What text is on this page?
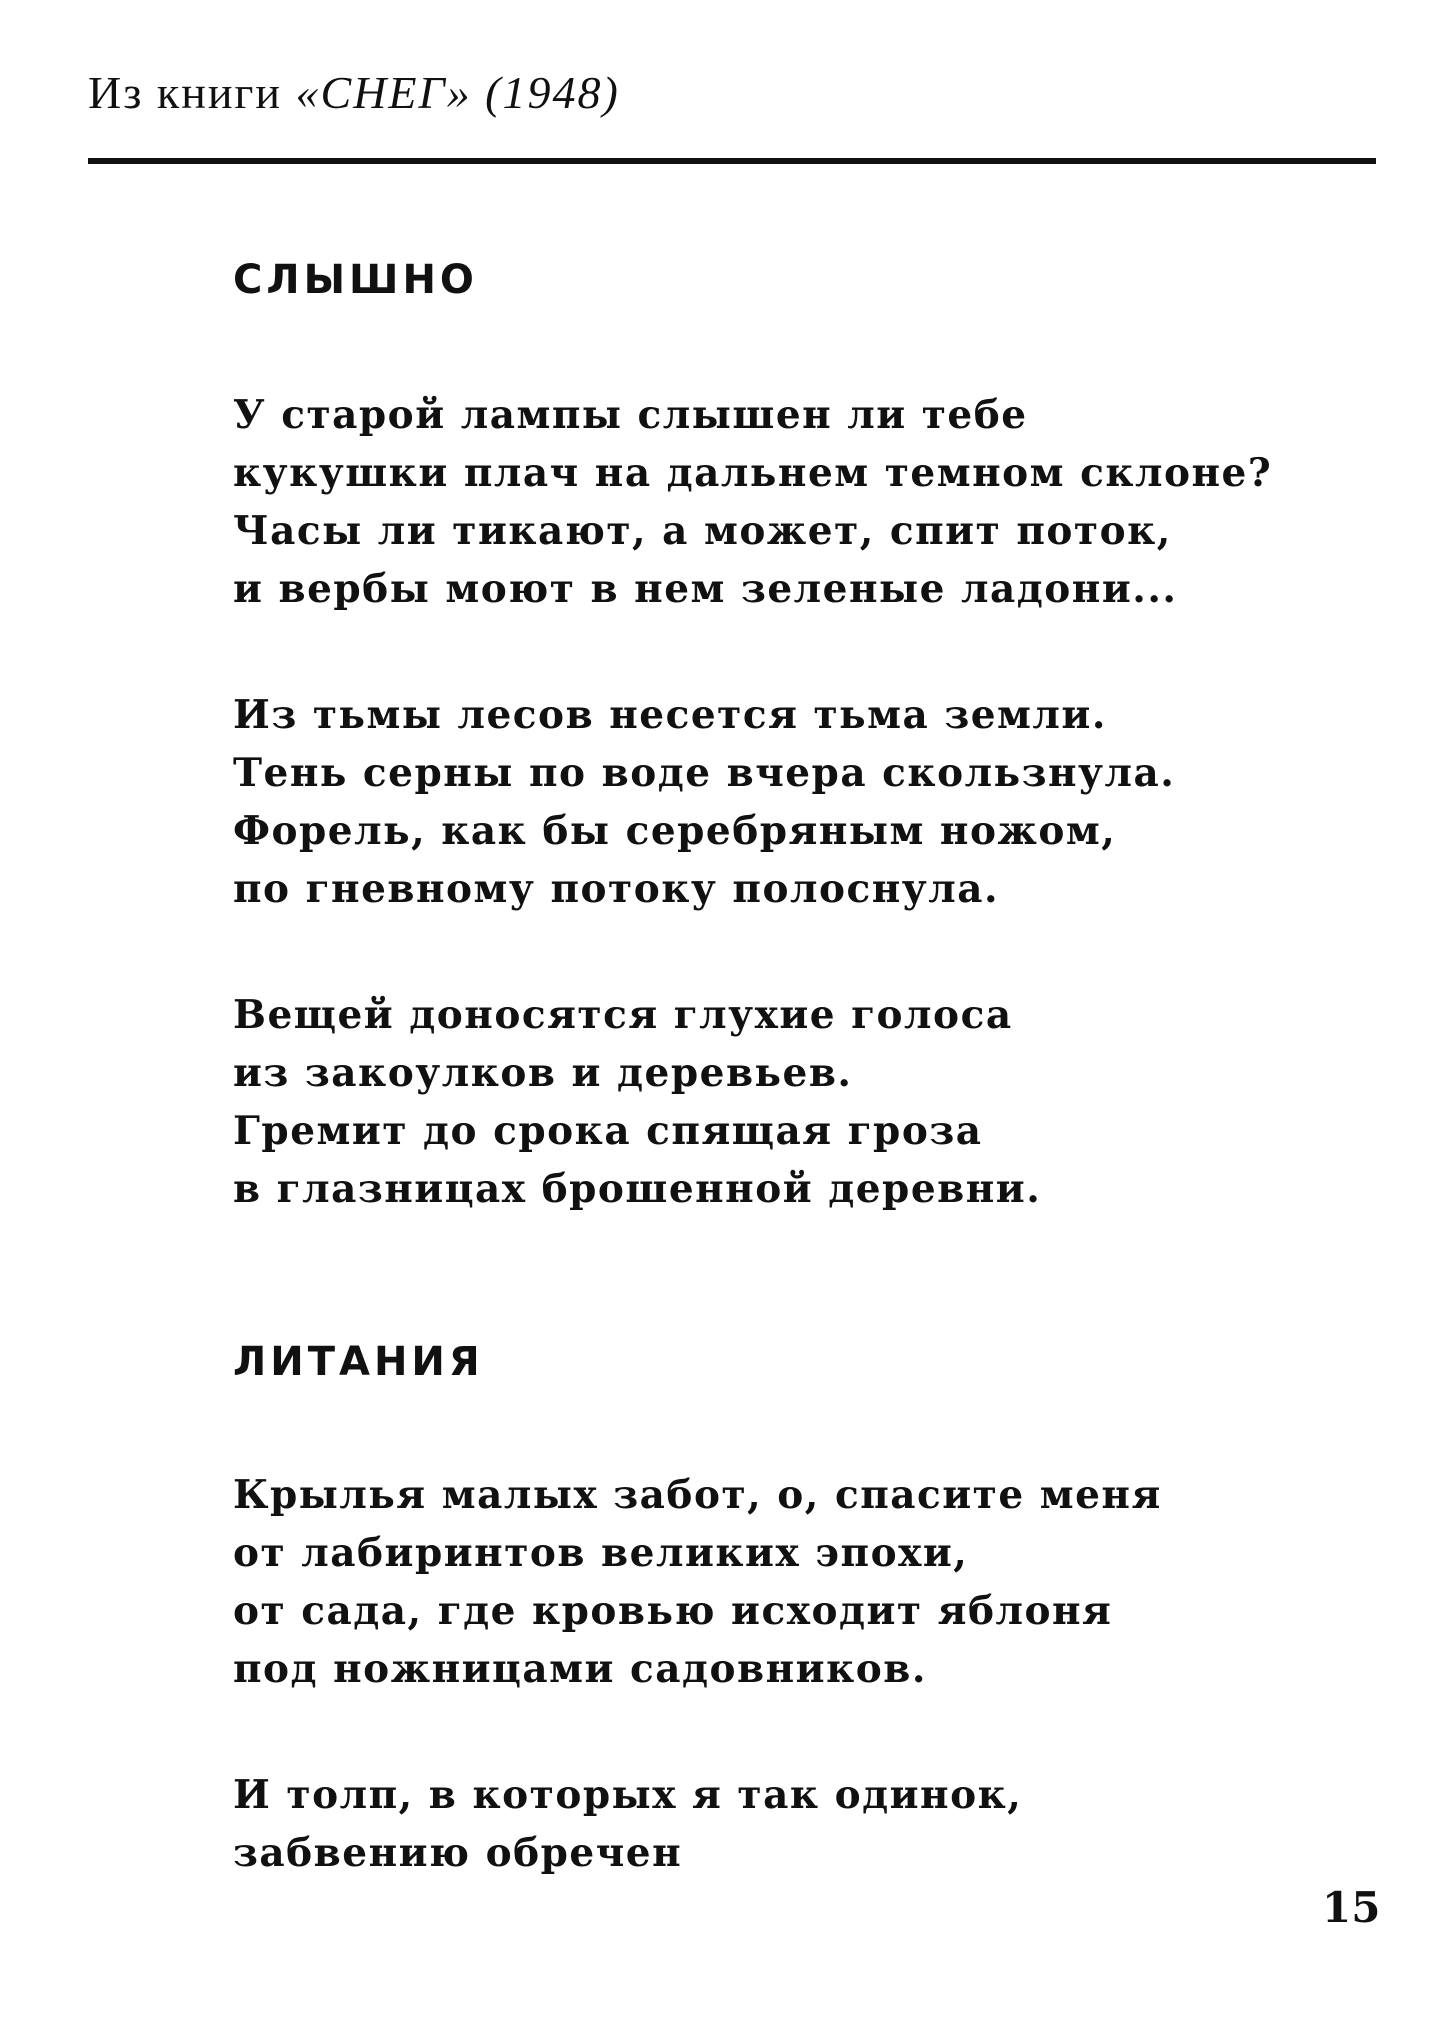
Из книги «СНЕГ» (1948)
СЛЫШНО

У старой лампы слышен ли тебе
кукушки плач на дальнем темном склоне?
Часы ли тикают, а может, спит поток,
и вербы моют в нем зеленые ладони...

Из тьмы лесов несется тьма земли.
Тень серны по воде вчера скользнула.
Форель, как бы серебряным ножом,
по гневному потоку полоснула.

Вещей доносятся глухие голоса
из закоулков и деревьев.
Гремит до срока спящая гроза
в глазницах брошенной деревни.

ЛИТАНИЯ

Крылья малых забот, о, спасите меня
от лабиринтов великих эпохи,
от сада, где кровью исходит яблоня
под ножницами садовников.

И толп, в которых я так одинок,
забвению обречен

15
